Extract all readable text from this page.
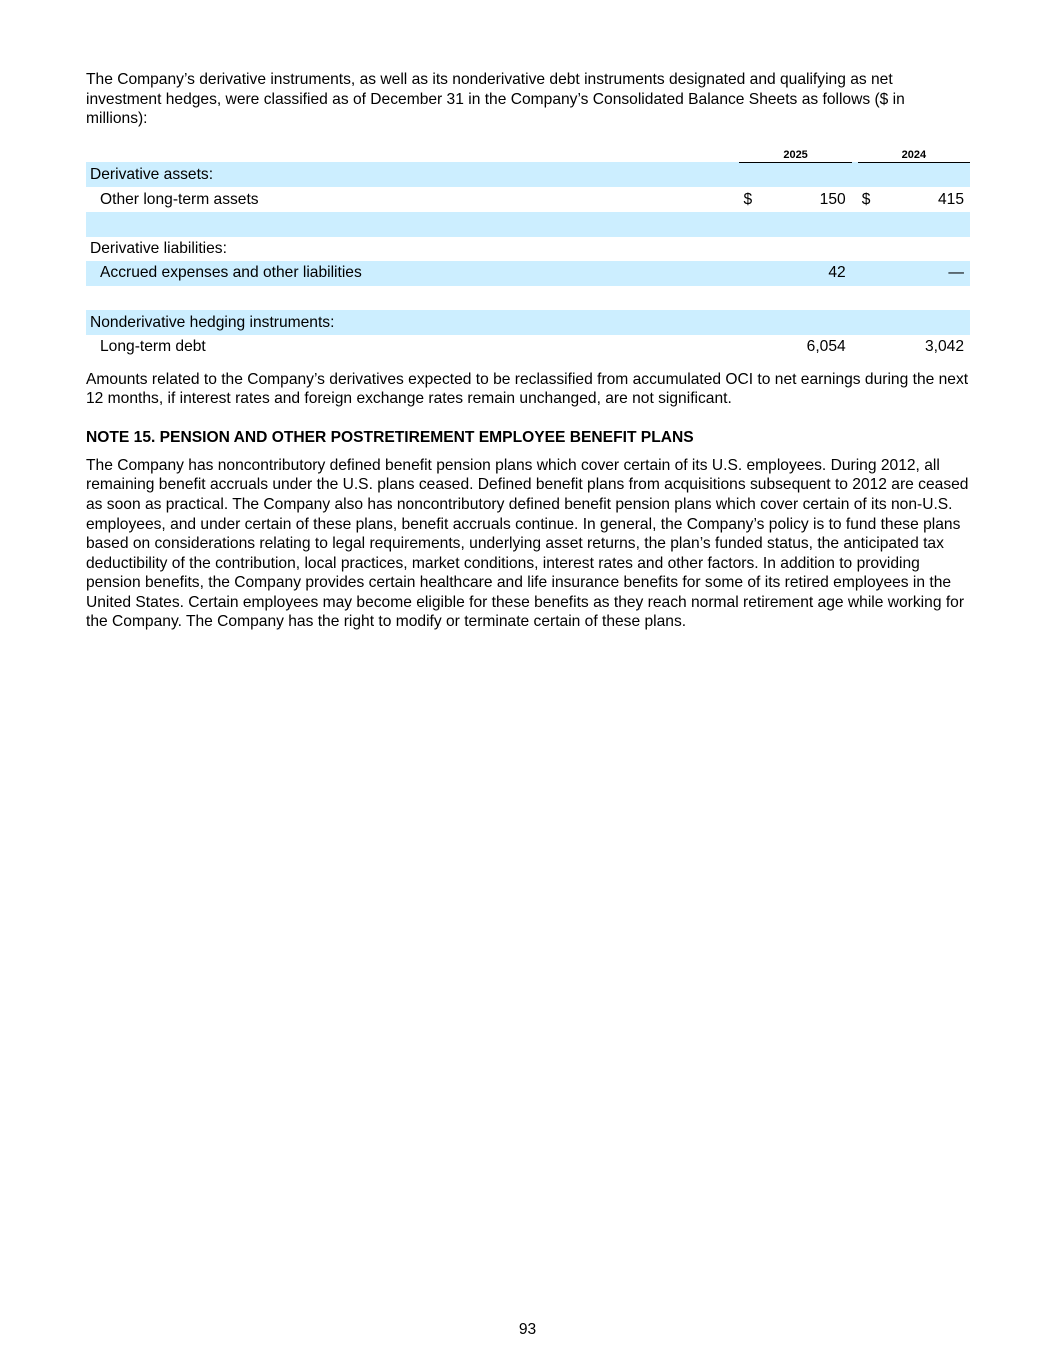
The Company’s derivative instruments, as well as its nonderivative debt instruments designated and qualifying as net investment hedges, were classified as of December 31 in the Company’s Consolidated Balance Sheets as follows ($ in millions):

	2025			2024	
Derivative assets:					
Other long-term assets	$	150		$	415

Derivative liabilities:					
Accrued expenses and other liabilities		42			—

Nonderivative hedging instruments:					
Long-term debt		6,054			3,042

Amounts related to the Company’s derivatives expected to be reclassified from accumulated OCI to net earnings during the next 12 months, if interest rates and foreign exchange rates remain unchanged, are not significant.

NOTE 15. PENSION AND OTHER POSTRETIREMENT EMPLOYEE BENEFIT PLANS

The Company has noncontributory defined benefit pension plans which cover certain of its U.S. employees. During 2012, all remaining benefit accruals under the U.S. plans ceased. Defined benefit plans from acquisitions subsequent to 2012 are ceased as soon as practical. The Company also has noncontributory defined benefit pension plans which cover certain of its non-U.S. employees, and under certain of these plans, benefit accruals continue. In general, the Company’s policy is to fund these plans based on considerations relating to legal requirements, underlying asset returns, the plan’s funded status, the anticipated tax deductibility of the contribution, local practices, market conditions, interest rates and other factors. In addition to providing pension benefits, the Company provides certain healthcare and life insurance benefits for some of its retired employees in the United States. Certain employees may become eligible for these benefits as they reach normal retirement age while working for the Company. The Company has the right to modify or terminate certain of these plans.

93
